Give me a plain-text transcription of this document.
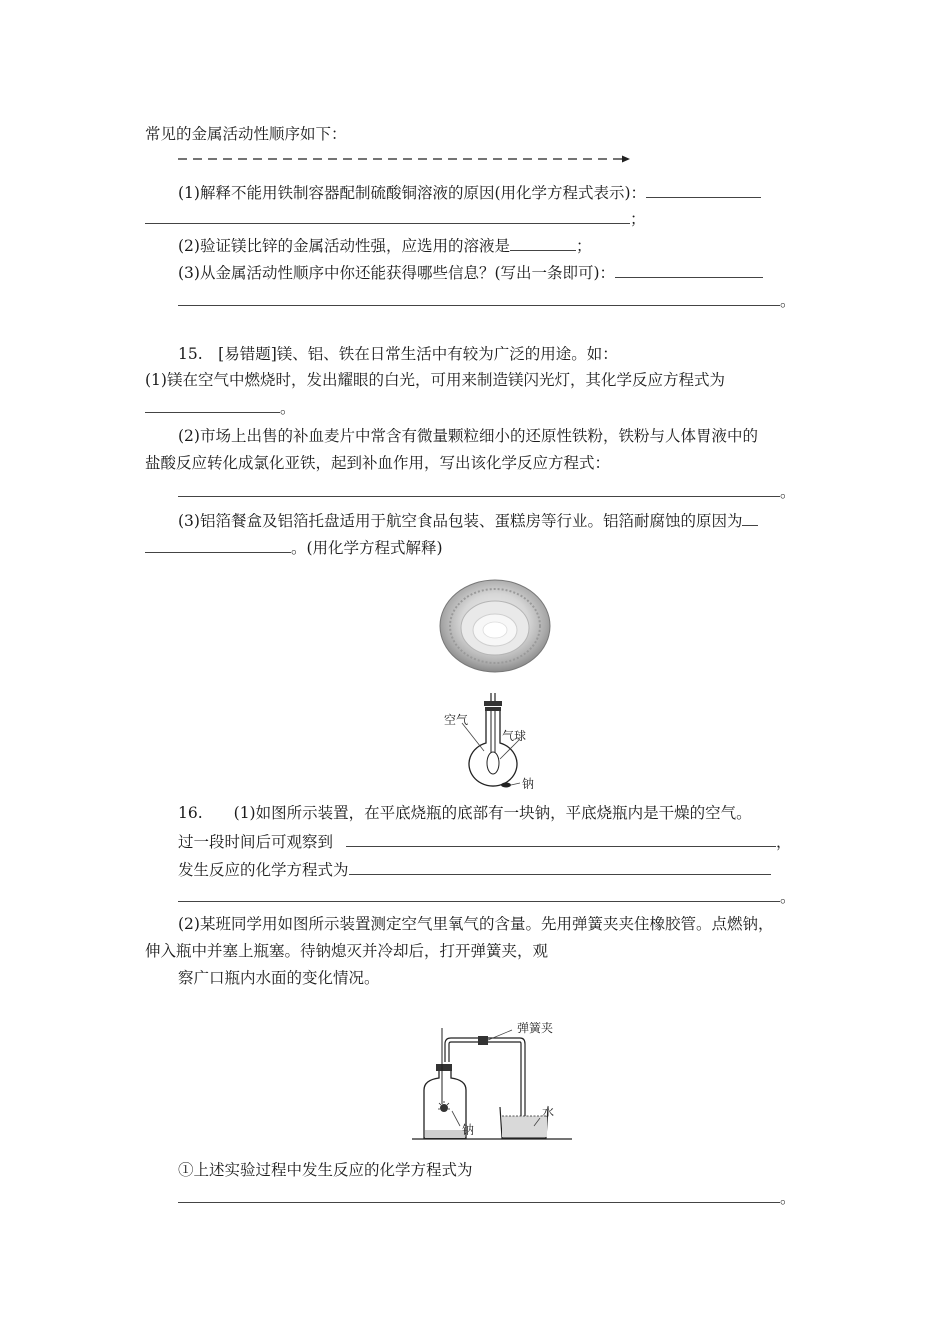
常见的金属活动性顺序如下：
(1)解释不能用铁制容器配制硫酸铜溶液的原因(用化学方程式表示)：
；
(2)验证镁比锌的金属活动性强，应选用的溶液是	；
(3)从金属活动性顺序中你还能获得哪些信息？(写出一条即可)：
。
15.　[易错题]镁、铝、铁在日常生活中有较为广泛的用途。如：
(1)镁在空气中燃烧时，发出耀眼的白光，可用来制造镁闪光灯，其化学反应方程式为
。
(2)市场上出售的补血麦片中常含有微量颗粒细小的还原性铁粉，铁粉与人体胃液中的
盐酸反应转化成氯化亚铁，起到补血作用，写出该化学反应方程式：
。
(3)铝箔餐盒及铝箔托盘适用于航空食品包装、蛋糕房等行业。铝箔耐腐蚀的原因为
。(用化学方程式解释)
空气
气球
钠
16.　　(1)如图所示装置，在平底烧瓶的底部有一块钠，平底烧瓶内是干燥的空气。
过一段时间后可观察到	，
发生反应的化学方程式为
。
(2)某班同学用如图所示装置测定空气里氧气的含量。先用弹簧夹夹住橡胶管。点燃钠，
伸入瓶中并塞上瓶塞。待钠熄灭并冷却后，打开弹簧夹，观
察广口瓶内水面的变化情况。
弹簧夹
水
钠
①上述实验过程中发生反应的化学方程式为
。
